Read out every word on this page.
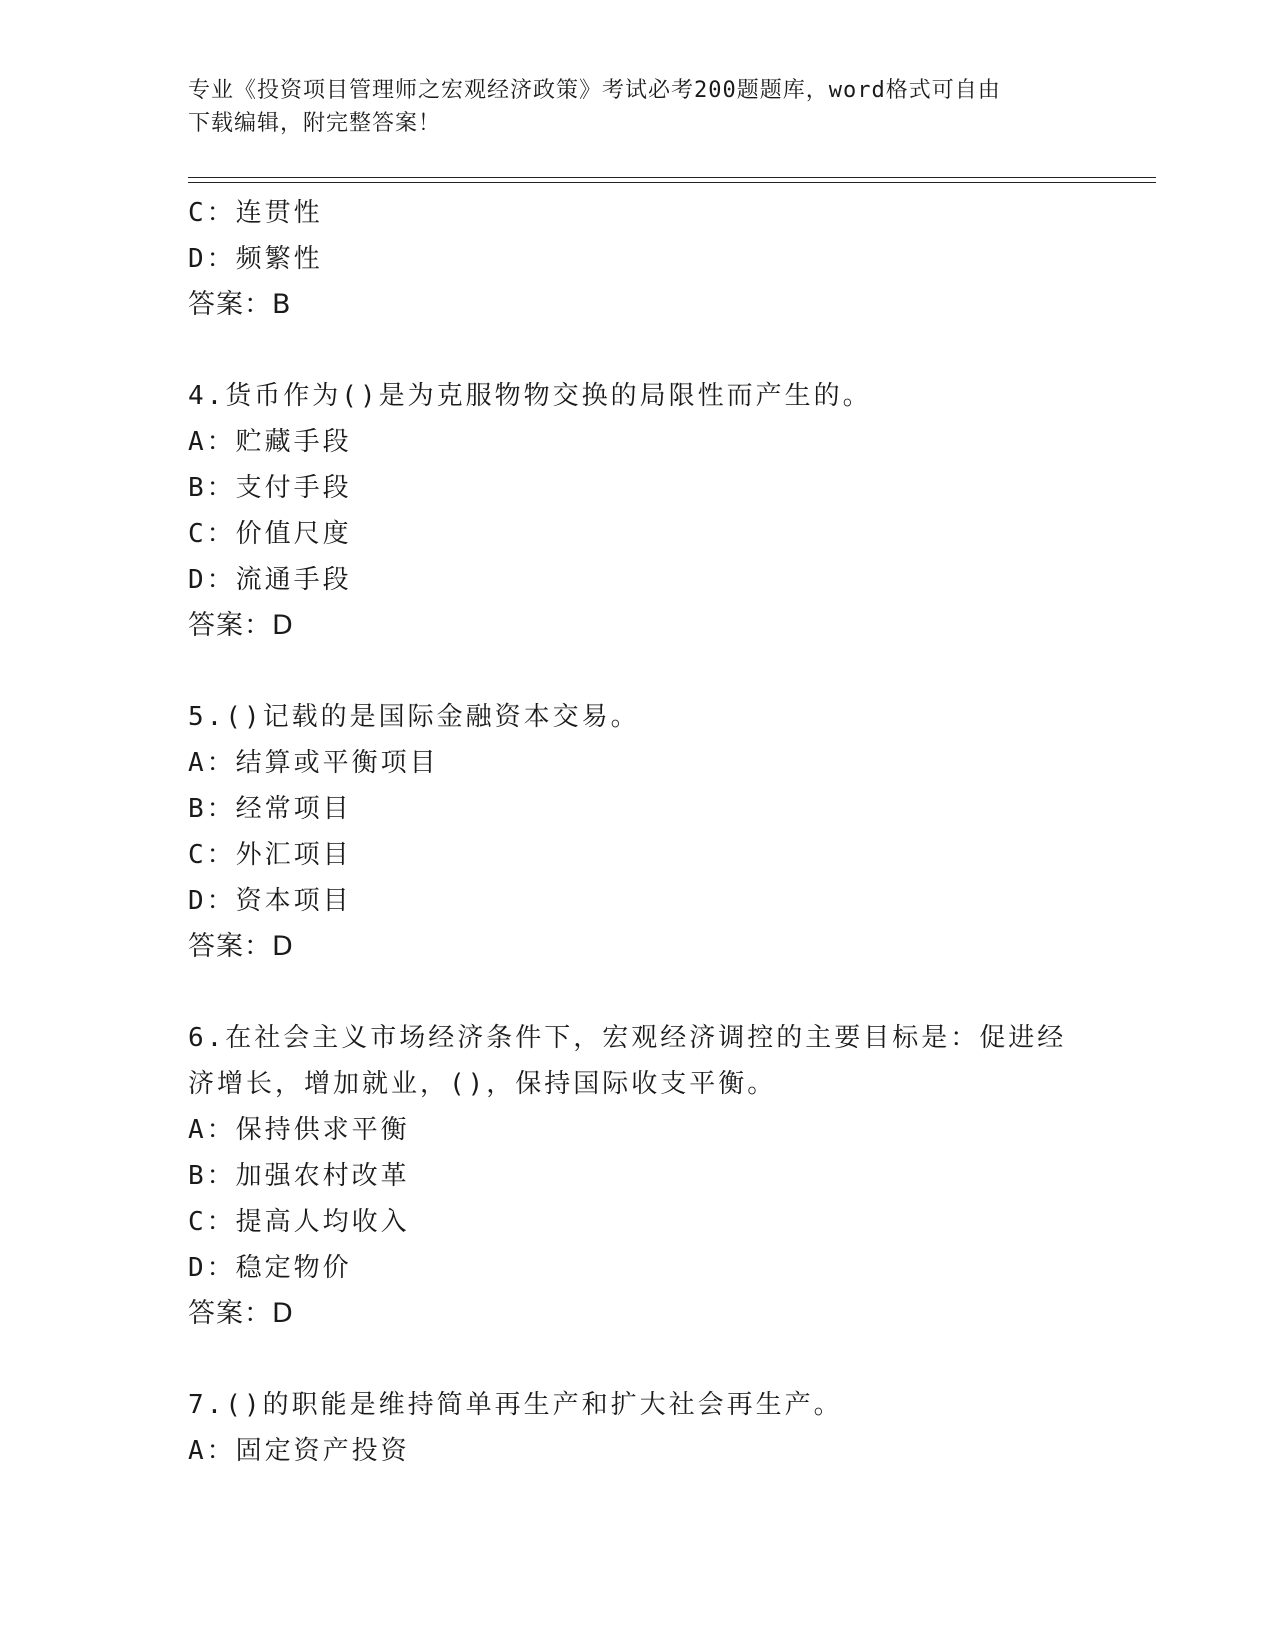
专业《投资项目管理师之宏观经济政策》考试必考200题题库，word格式可自由
下载编辑，附完整答案！
C：连贯性
D：频繁性
答案：B
4.货币作为()是为克服物物交换的局限性而产生的。
A：贮藏手段
B：支付手段
C：价值尺度
D：流通手段
答案：D
5.()记载的是国际金融资本交易。
A：结算或平衡项目
B：经常项目
C：外汇项目
D：资本项目
答案：D
6.在社会主义市场经济条件下，宏观经济调控的主要目标是：促进经
济增长，增加就业，()，保持国际收支平衡。
A：保持供求平衡
B：加强农村改革
C：提高人均收入
D：稳定物价
答案：D
7.()的职能是维持简单再生产和扩大社会再生产。
A：固定资产投资
